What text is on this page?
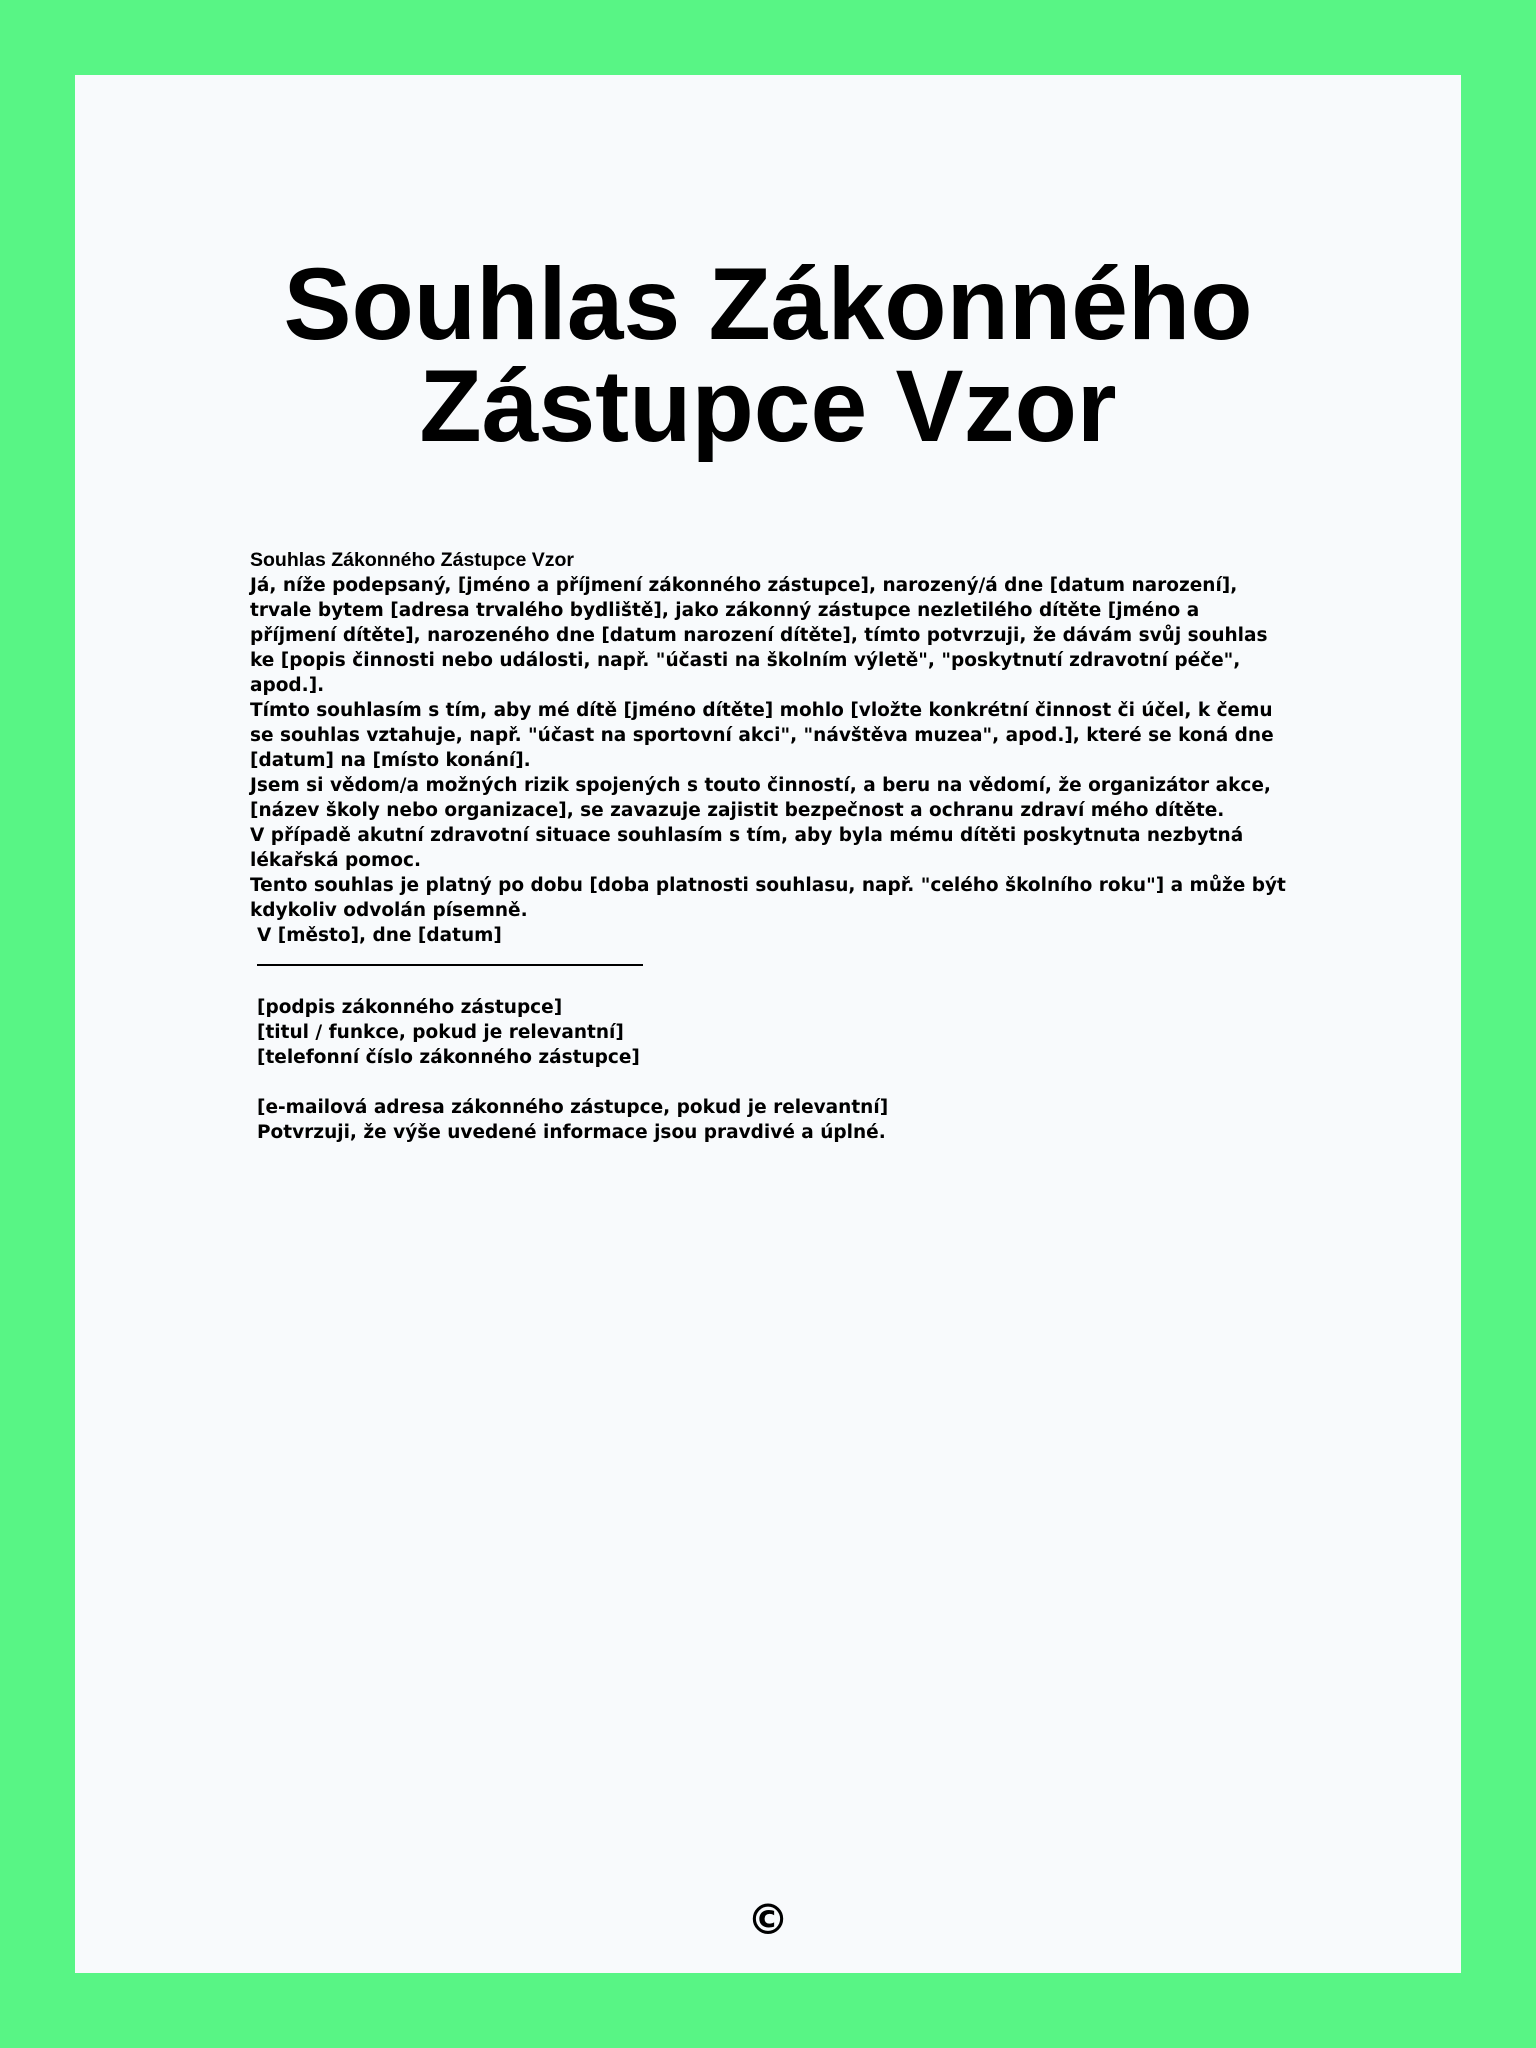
Souhlas Zákonného Zástupce Vzor

Souhlas Zákonného Zástupce Vzor

Já, níže podepsaný, [jméno a příjmení zákonného zástupce], narozený/á dne [datum narození], trvale bytem [adresa trvalého bydliště], jako zákonný zástupce nezletilého dítěte [jméno a příjmení dítěte], narozeného dne [datum narození dítěte], tímto potvrzuji, že dávám svůj souhlas ke [popis činnosti nebo události, např. "účasti na školním výletě", "poskytnutí zdravotní péče", apod.].

Tímto souhlasím s tím, aby mé dítě [jméno dítěte] mohlo [vložte konkrétní činnost či účel, k čemu se souhlas vztahuje, např. "účast na sportovní akci", "návštěva muzea", apod.], které se koná dne [datum] na [místo konání].

Jsem si vědom/a možných rizik spojených s touto činností, a beru na vědomí, že organizátor akce, [název školy nebo organizace], se zavazuje zajistit bezpečnost a ochranu zdraví mého dítěte.

V případě akutní zdravotní situace souhlasím s tím, aby byla mému dítěti poskytnuta nezbytná lékařská pomoc.

Tento souhlas je platný po dobu [doba platnosti souhlasu, např. "celého školního roku"] a může být kdykoliv odvolán písemně.

V [město], dne [datum]

[podpis zákonného zástupce]

[titul / funkce, pokud je relevantní]

[telefonní číslo zákonného zástupce]

[e-mailová adresa zákonného zástupce, pokud je relevantní]

Potvrzuji, že výše uvedené informace jsou pravdivé a úplné.

©
